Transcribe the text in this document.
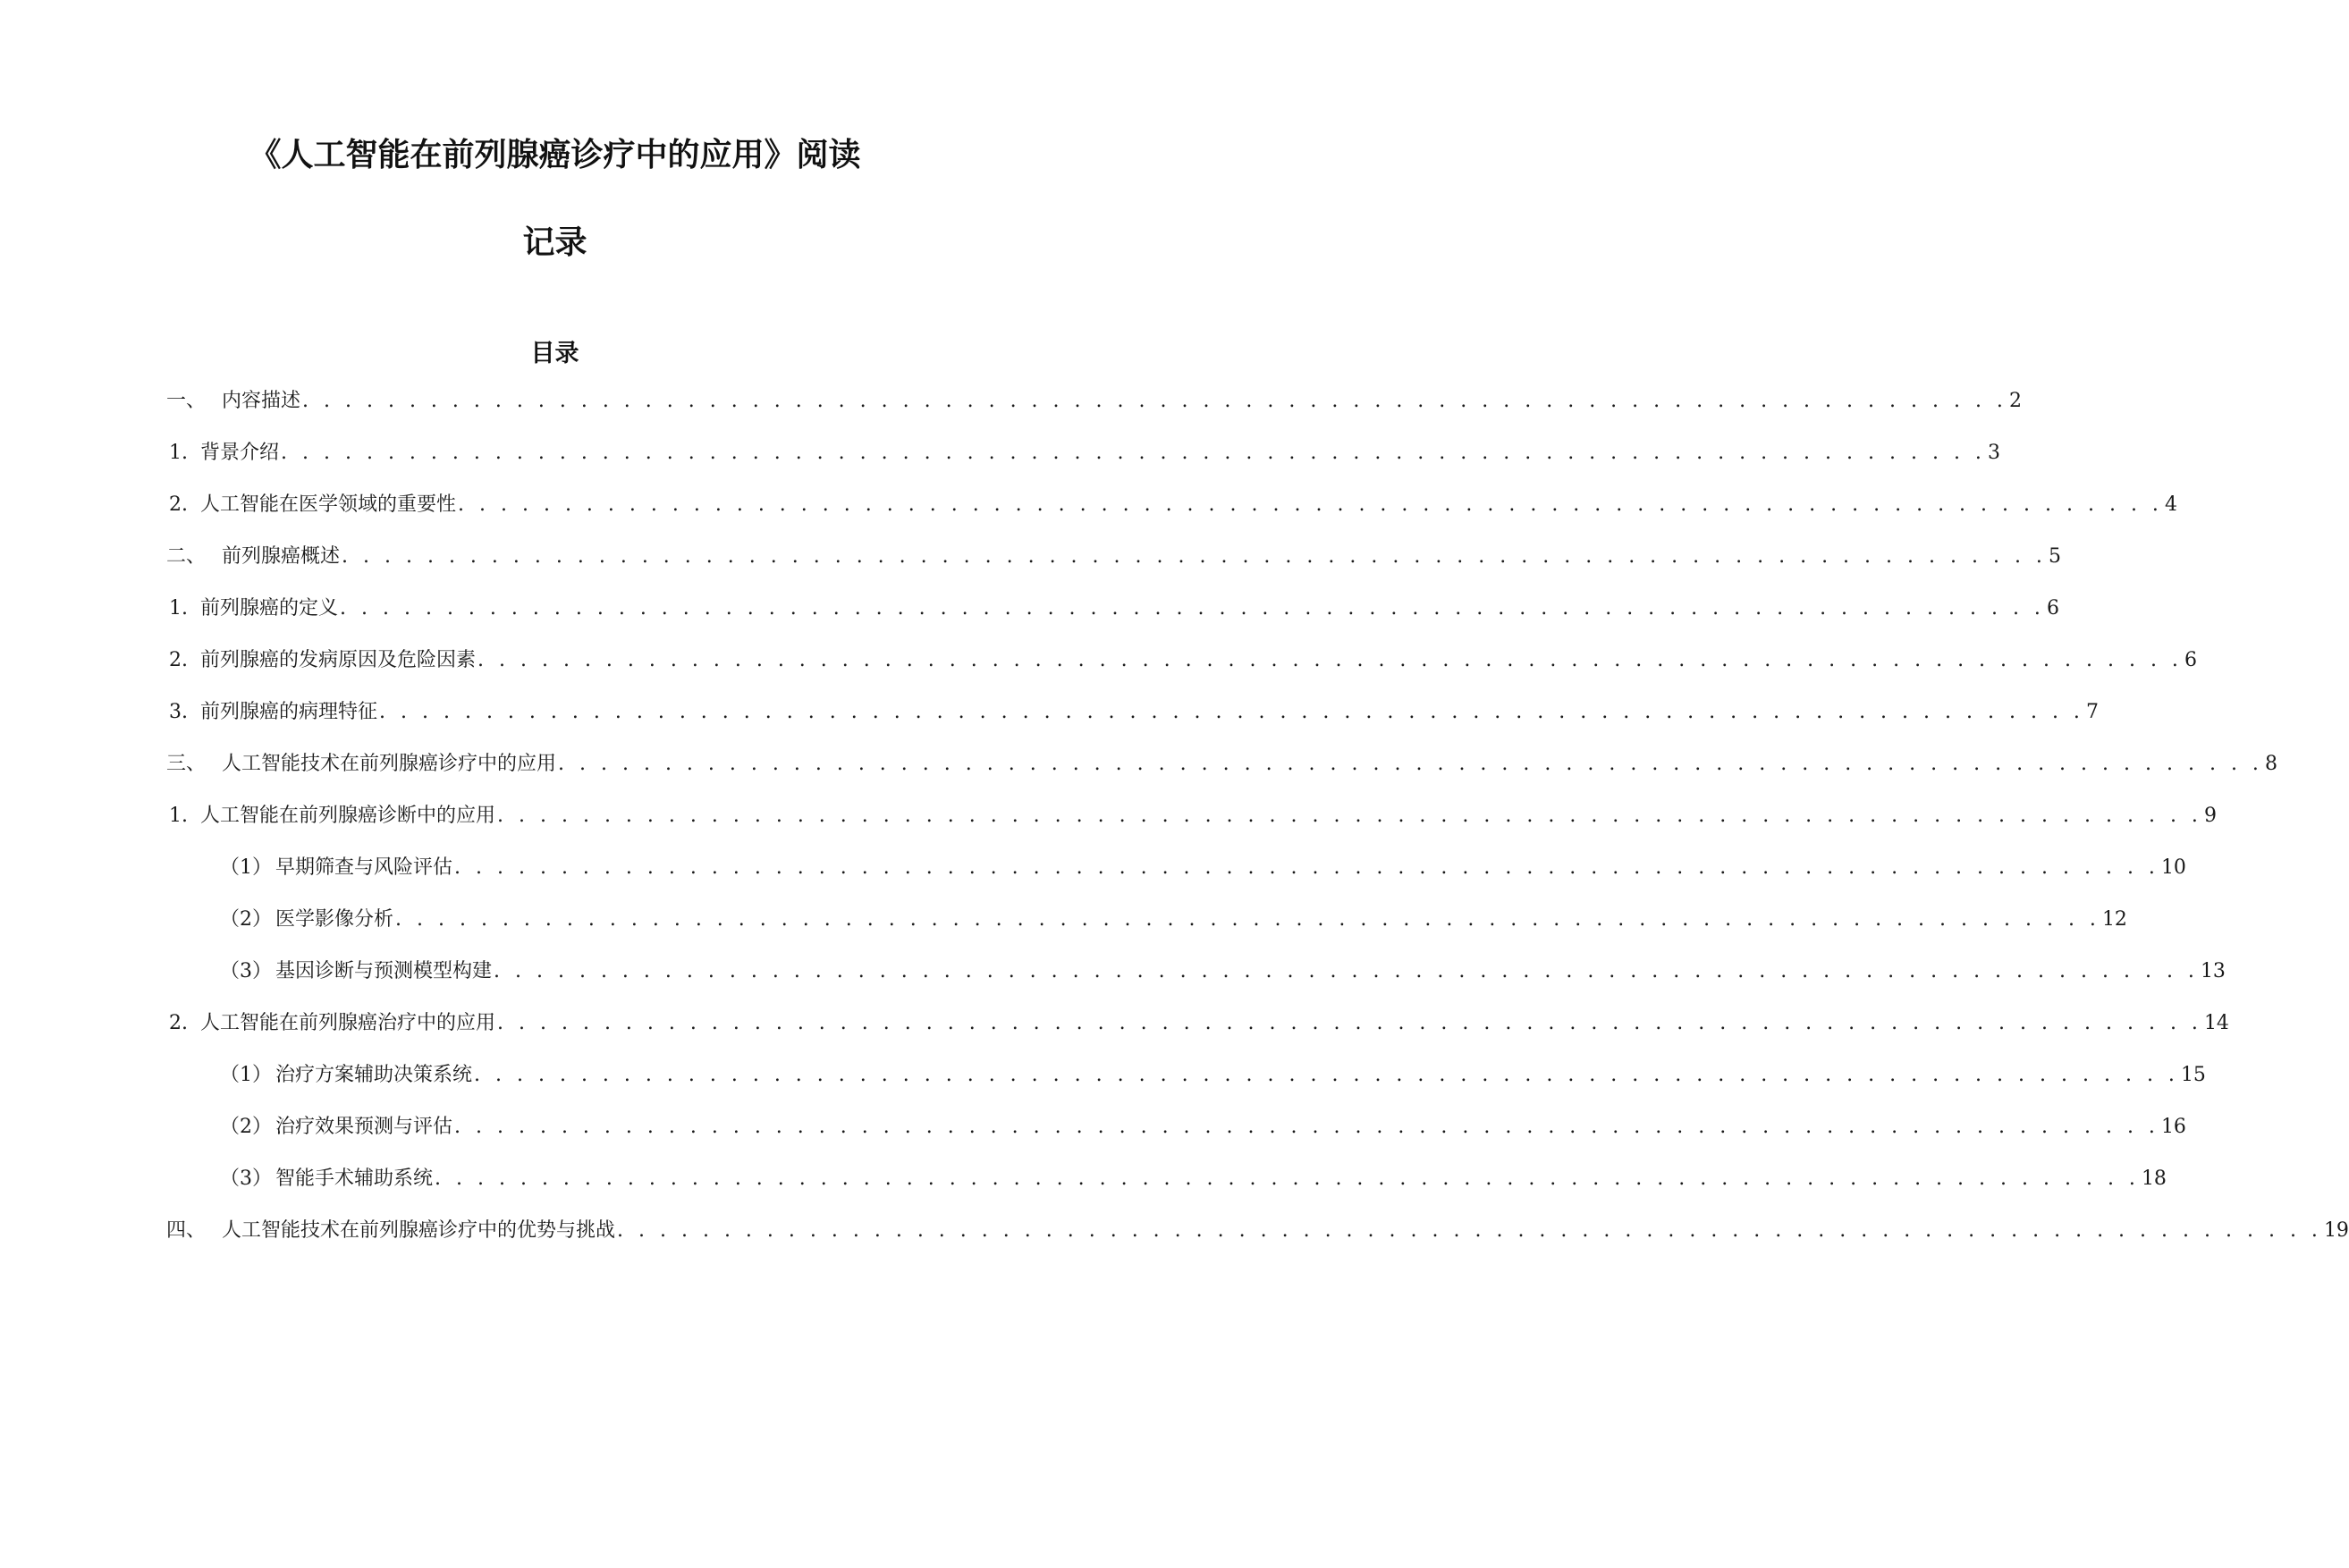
《人工智能在前列腺癌诊疗中的应用》阅读
记录
目录
一、 内容描述 . . . . . . . . . . . . . . . . . . . . . . . . . . . . . . . . . . . . . . . . . . . . . . . . . . . . . . . . . . . . . . . . . . . . . . . . . . . . . . . . 2
1. 背景介绍 . . . . . . . . . . . . . . . . . . . . . . . . . . . . . . . . . . . . . . . . . . . . . . . . . . . . . . . . . . . . . . . . . . . . . . . . . . . . . . . . 3
2. 人工智能在医学领域的重要性 . . . . . . . . . . . . . . . . . . . . . . . . . . . . . . . . . . . . . . . . . . . . . . . . . . . . . . . . . . . . . . . . . . . . . . . . . . . . . . . . 4
二、 前列腺癌概述 . . . . . . . . . . . . . . . . . . . . . . . . . . . . . . . . . . . . . . . . . . . . . . . . . . . . . . . . . . . . . . . . . . . . . . . . . . . . . . . . 5
1. 前列腺癌的定义 . . . . . . . . . . . . . . . . . . . . . . . . . . . . . . . . . . . . . . . . . . . . . . . . . . . . . . . . . . . . . . . . . . . . . . . . . . . . . . . . 6
2. 前列腺癌的发病原因及危险因素 . . . . . . . . . . . . . . . . . . . . . . . . . . . . . . . . . . . . . . . . . . . . . . . . . . . . . . . . . . . . . . . . . . . . . . . . . . . . . . . . 6
3. 前列腺癌的病理特征 . . . . . . . . . . . . . . . . . . . . . . . . . . . . . . . . . . . . . . . . . . . . . . . . . . . . . . . . . . . . . . . . . . . . . . . . . . . . . . . . 7
三、 人工智能技术在前列腺癌诊疗中的应用 . . . . . . . . . . . . . . . . . . . . . . . . . . . . . . . . . . . . . . . . . . . . . . . . . . . . . . . . . . . . . . . . . . . . . . . . . . . . . . . . 8
1. 人工智能在前列腺癌诊断中的应用 . . . . . . . . . . . . . . . . . . . . . . . . . . . . . . . . . . . . . . . . . . . . . . . . . . . . . . . . . . . . . . . . . . . . . . . . . . . . . . . . 9
（1） 早期筛查与风险评估 . . . . . . . . . . . . . . . . . . . . . . . . . . . . . . . . . . . . . . . . . . . . . . . . . . . . . . . . . . . . . . . . . . . . . . . . . . . . . . . . 10
（2） 医学影像分析 . . . . . . . . . . . . . . . . . . . . . . . . . . . . . . . . . . . . . . . . . . . . . . . . . . . . . . . . . . . . . . . . . . . . . . . . . . . . . . . . 12
（3） 基因诊断与预测模型构建 . . . . . . . . . . . . . . . . . . . . . . . . . . . . . . . . . . . . . . . . . . . . . . . . . . . . . . . . . . . . . . . . . . . . . . . . . . . . . . . . 13
2. 人工智能在前列腺癌治疗中的应用 . . . . . . . . . . . . . . . . . . . . . . . . . . . . . . . . . . . . . . . . . . . . . . . . . . . . . . . . . . . . . . . . . . . . . . . . . . . . . . . . 14
（1） 治疗方案辅助决策系统 . . . . . . . . . . . . . . . . . . . . . . . . . . . . . . . . . . . . . . . . . . . . . . . . . . . . . . . . . . . . . . . . . . . . . . . . . . . . . . . . 15
（2） 治疗效果预测与评估 . . . . . . . . . . . . . . . . . . . . . . . . . . . . . . . . . . . . . . . . . . . . . . . . . . . . . . . . . . . . . . . . . . . . . . . . . . . . . . . . 16
（3） 智能手术辅助系统 . . . . . . . . . . . . . . . . . . . . . . . . . . . . . . . . . . . . . . . . . . . . . . . . . . . . . . . . . . . . . . . . . . . . . . . . . . . . . . . . 18
四、 人工智能技术在前列腺癌诊疗中的优势与挑战 . . . . . . . . . . . . . . . . . . . . . . . . . . . . . . . . . . . . . . . . . . . . . . . . . . . . . . . . . . . . . . . . . . . . . . . . . . . . . . . . 19
